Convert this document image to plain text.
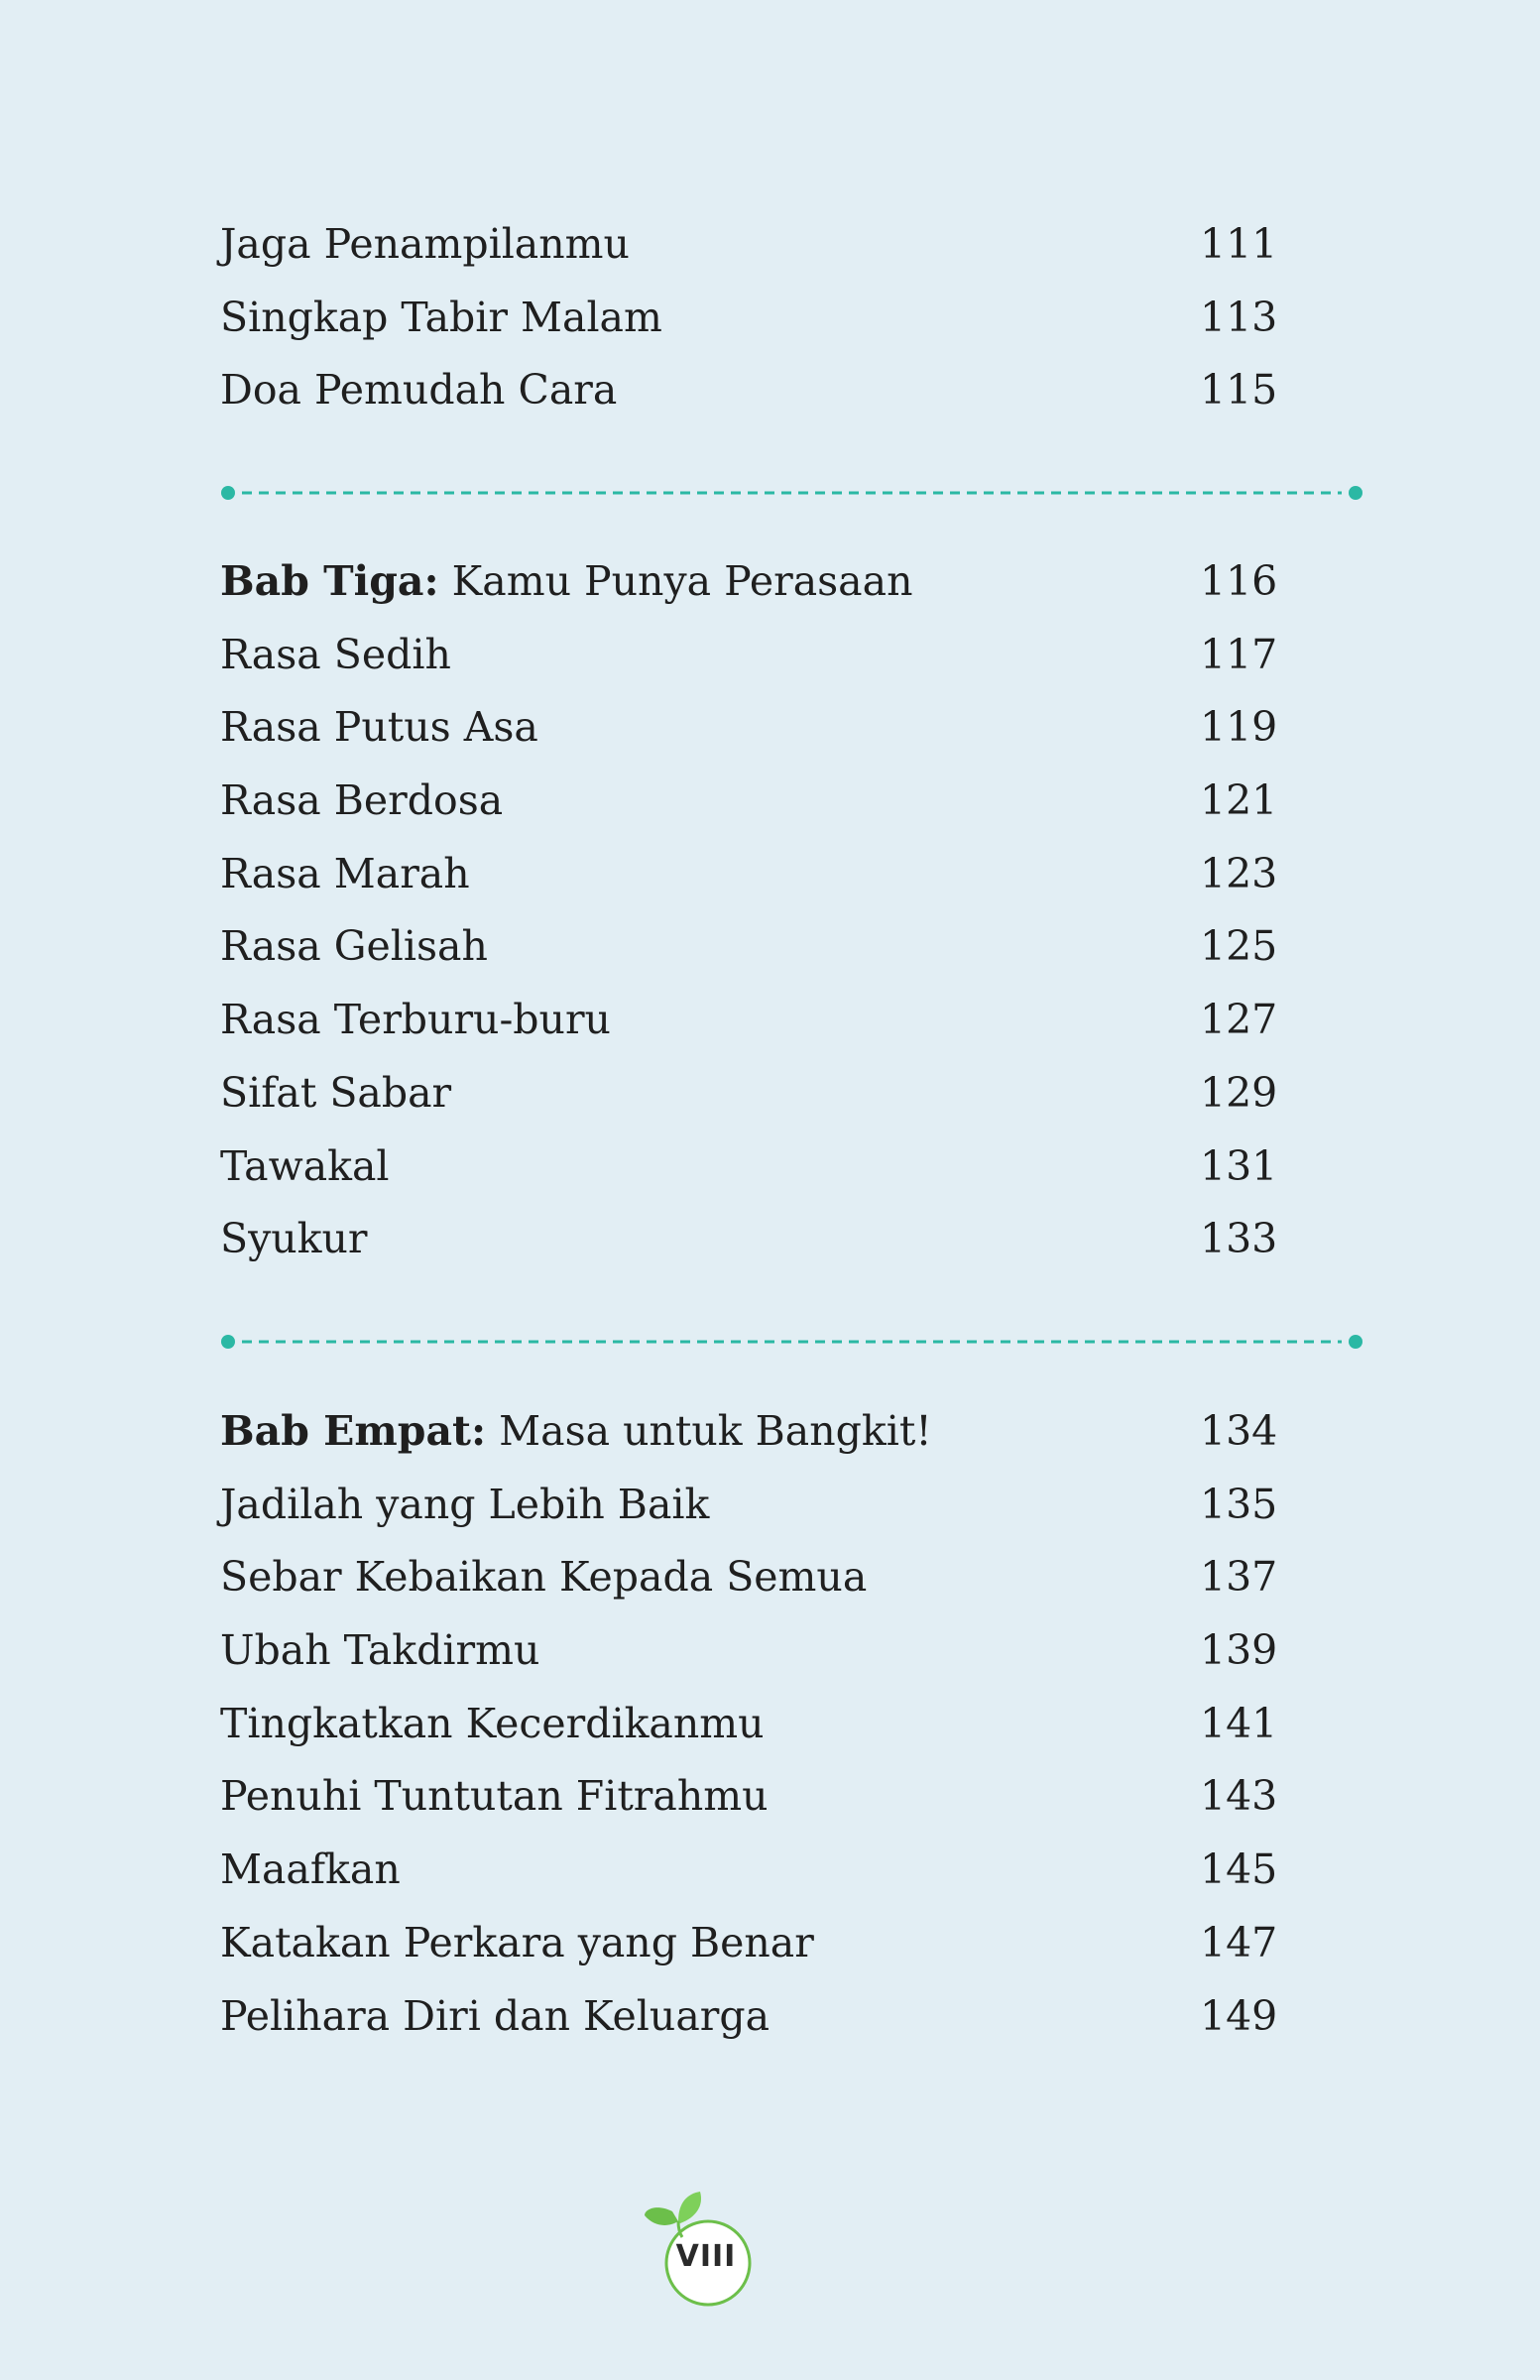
Jaga Penampilanmu	111
Singkap Tabir Malam	113
Doa Pemudah Cara	115
Bab Tiga: Kamu Punya Perasaan	116
Rasa Sedih	117
Rasa Putus Asa	119
Rasa Berdosa	121
Rasa Marah	123
Rasa Gelisah	125
Rasa Terburu-buru	127
Sifat Sabar	129
Tawakal	131
Syukur	133
Bab Empat: Masa untuk Bangkit!	134
Jadilah yang Lebih Baik	135
Sebar Kebaikan Kepada Semua	137
Ubah Takdirmu	139
Tingkatkan Kecerdikanmu	141
Penuhi Tuntutan Fitrahmu	143
Maafkan	145
Katakan Perkara yang Benar	147
Pelihara Diri dan Keluarga	149
VIII
